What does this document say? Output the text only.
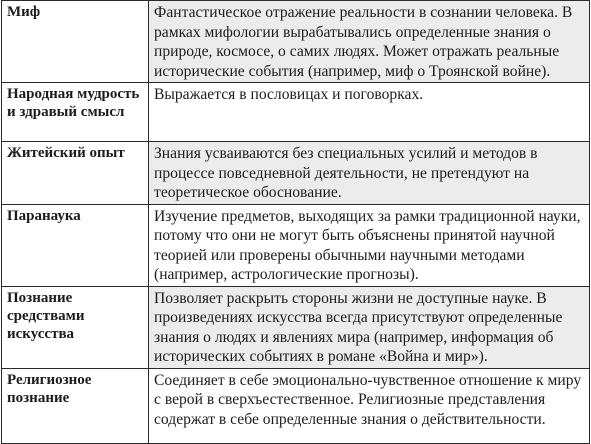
Миф	Фантастическое отражение реальности в сознании человека. В рамках мифологии вырабатывались определенные знания о природе, космосе, о самих людях. Может отражать реальные исторические события (например, миф о Троянской войне).
Народная мудрость и здравый смысл	Выражается в пословицах и поговорках.
Житейский опыт	Знания усваиваются без специальных усилий и методов в процессе повседневной деятельности, не претендуют на теоретическое обоснование.
Паранаука	Изучение предметов, выходящих за рамки традиционной науки, потому что они не могут быть объяснены принятой научной теорией или проверены обычными научными методами (например, астрологические прогнозы).
Познание средствами искусства	Позволяет раскрыть стороны жизни не доступные науке. В произведениях искусства всегда присутствуют определенные знания о людях и явлениях мира (например, информация об исторических событиях в романе «Война и мир»).
Религиозное познание	Соединяет в себе эмоционально-чувственное отношение к миру с верой в сверхъестественное. Религиозные представления содержат в себе определенные знания о действительности.
